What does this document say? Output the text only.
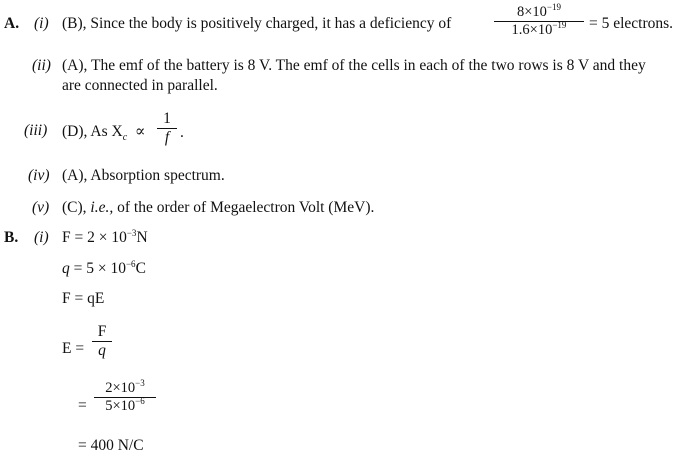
A. (i) (B), Since the body is positively charged, it has a deficiency of
$8\times 10^{-19}$
$1.6\times 10^{-19}$	= 5 electrons.
(ii) (A), The emf of the battery is 8 V. The emf of the cells in each of the two rows is 8 V and they
are connected in parallel.
(iii) (D), As $X_c$ ∝
1
f .
(iv) (A), Absorption spectrum.
(v) (C), i.e., of the order of Megaelectron Volt (MeV).
B. (i) $F = 2 \times 10^{-3}N$
$q = 5 \times 10^{-6}C$
F = qE
E =
F
q
=
$2\times 10^{-3}$
$5\times 10^{-6}$
= 400 N/C
